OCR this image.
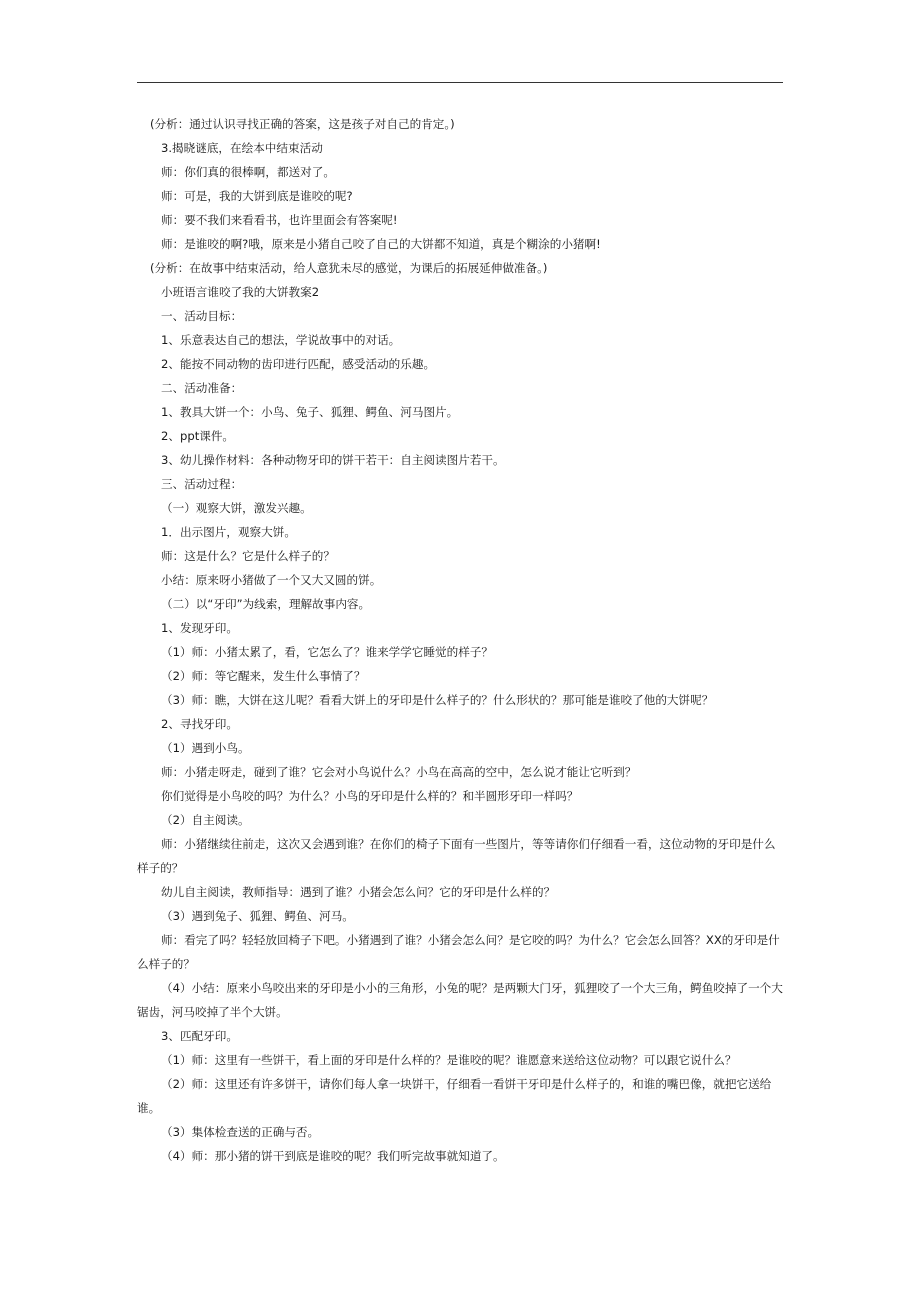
(分析：通过认识寻找正确的答案，这是孩子对自己的肯定。)

3.揭晓谜底，在绘本中结束活动

师：你们真的很棒啊，都送对了。

师：可是，我的大饼到底是谁咬的呢?

师：要不我们来看看书，也许里面会有答案呢!

师：是谁咬的啊?哦，原来是小猪自己咬了自己的大饼都不知道，真是个糊涂的小猪啊!

(分析：在故事中结束活动，给人意犹未尽的感觉，为课后的拓展延伸做准备。)

小班语言谁咬了我的大饼教案2

一、活动目标：

1、乐意表达自己的想法，学说故事中的对话。

2、能按不同动物的齿印进行匹配，感受活动的乐趣。

二、活动准备：

1、教具大饼一个：小鸟、兔子、狐狸、鳄鱼、河马图片。

2、ppt课件。

3、幼儿操作材料：各种动物牙印的饼干若干：自主阅读图片若干。

三、活动过程：

（一）观察大饼，激发兴趣。

1．出示图片，观察大饼。

师：这是什么？它是什么样子的？

小结：原来呀小猪做了一个又大又圆的饼。

（二）以“牙印”为线索，理解故事内容。

1、发现牙印。

（1）师：小猪太累了，看，它怎么了？谁来学学它睡觉的样子？

（2）师：等它醒来，发生什么事情了？

（3）师：瞧，大饼在这儿呢？看看大饼上的牙印是什么样子的？什么形状的？那可能是谁咬了他的大饼呢？

2、寻找牙印。

（1）遇到小鸟。

师：小猪走呀走，碰到了谁？它会对小鸟说什么？小鸟在高高的空中，怎么说才能让它听到？

你们觉得是小鸟咬的吗？为什么？小鸟的牙印是什么样的？和半圆形牙印一样吗？

（2）自主阅读。

师：小猪继续往前走，这次又会遇到谁？在你们的椅子下面有一些图片，等等请你们仔细看一看，这位动物的牙印是什么样子的？

幼儿自主阅读，教师指导：遇到了谁？小猪会怎么问？它的牙印是什么样的？

（3）遇到兔子、狐狸、鳄鱼、河马。

师：看完了吗？轻轻放回椅子下吧。小猪遇到了谁？小猪会怎么问？是它咬的吗？为什么？它会怎么回答？XX的牙印是什么样子的？

（4）小结：原来小鸟咬出来的牙印是小小的三角形，小兔的呢？是两颗大门牙，狐狸咬了一个大三角，鳄鱼咬掉了一个大锯齿，河马咬掉了半个大饼。

3、匹配牙印。

（1）师：这里有一些饼干，看上面的牙印是什么样的？是谁咬的呢？谁愿意来送给这位动物？可以跟它说什么？

（2）师：这里还有许多饼干，请你们每人拿一块饼干，仔细看一看饼干牙印是什么样子的，和谁的嘴巴像，就把它送给谁。

（3）集体检查送的正确与否。

（4）师：那小猪的饼干到底是谁咬的呢？我们听完故事就知道了。
